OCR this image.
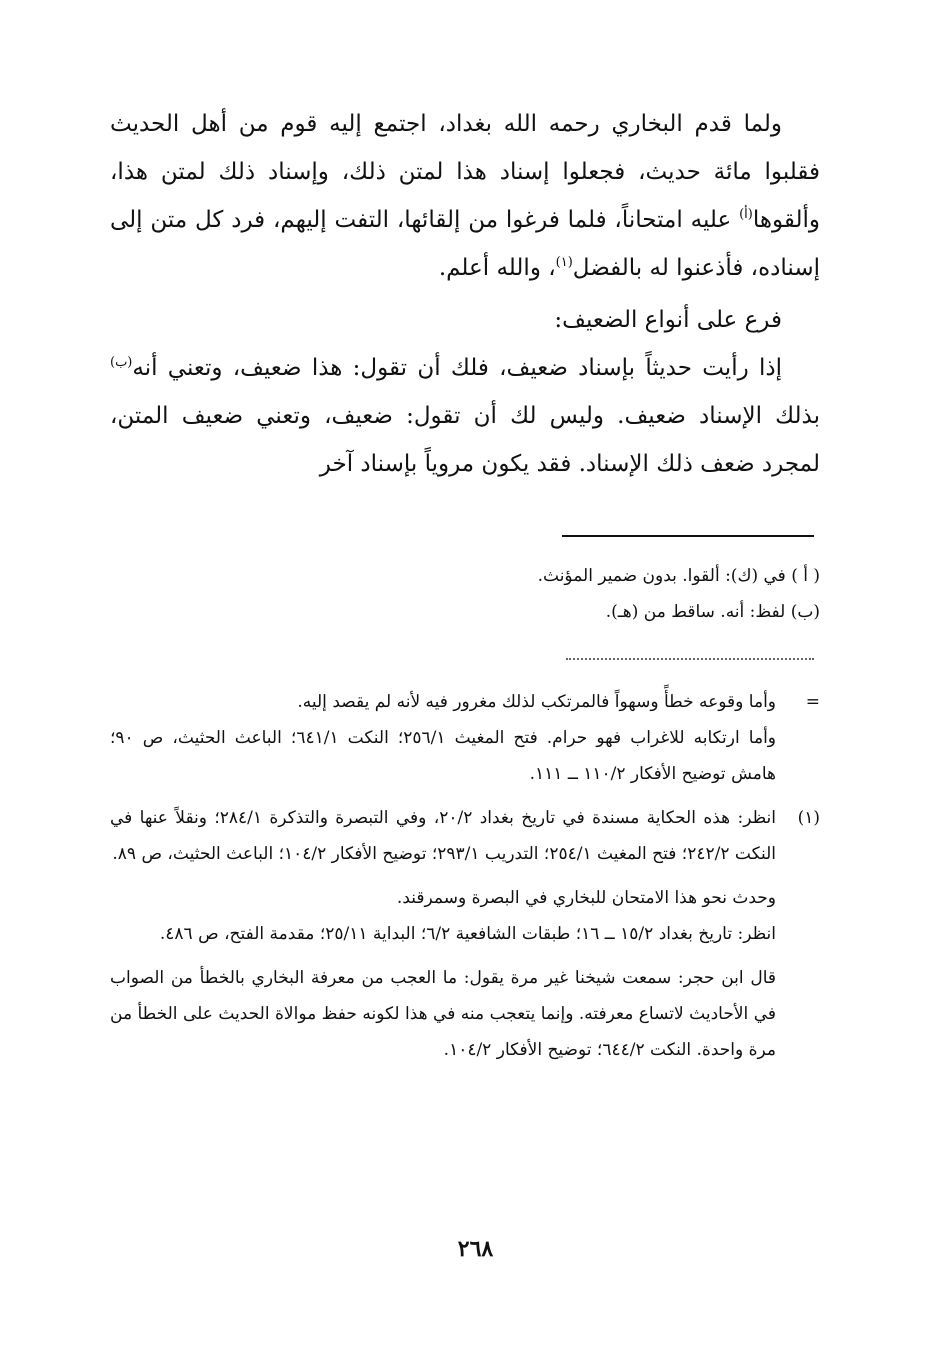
ولما قدم البخاري رحمه الله بغداد، اجتمع إليه قوم من أهل الحديث فقلبوا مائة حديث، فجعلوا إسناد هذا لمتن ذلك، وإسناد ذلك لمتن هذا، وألقوها$^{(أ)}$ عليه امتحاناً، فلما فرغوا من إلقائها، التفت إليهم، فرد كل متن إلى إسناده، فأذعنوا له بالفضل$^{(١)}$، والله أعلم.

فرع على أنواع الضعيف:

إذا رأيت حديثاً بإسناد ضعيف، فلك أن تقول: هذا ضعيف، وتعني أنه$^{(ب)}$ بذلك الإسناد ضعيف. وليس لك أن تقول: ضعيف، وتعني ضعيف المتن، لمجرد ضعف ذلك الإسناد. فقد يكون مروياً بإسناد آخر

( أ ) في (ك): ألقوا. بدون ضمير المؤنث.

(ب) لفظ: أنه. ساقط من (هـ).

=

وأما وقوعه خطأً وسهواً فالمرتكب لذلك مغرور فيه لأنه لم يقصد إليه.

وأما ارتكابه للاغراب فهو حرام. فتح المغيث ٢٥٦/١؛ النكت ٦٤١/١؛ الباعث الحثيث، ص ٩٠؛ هامش توضيح الأفكار ١١٠/٢ ــ ١١١.

(١)

انظر: هذه الحكاية مسندة في تاريخ بغداد ٢٠/٢، وفي التبصرة والتذكرة ٢٨٤/١؛ ونقلاً عنها في النكت ٢٤٢/٢؛ فتح المغيث ٢٥٤/١؛ التدريب ٢٩٣/١؛ توضيح الأفكار ١٠٤/٢؛ الباعث الحثيث، ص ٨٩.

وحدث نحو هذا الامتحان للبخاري في البصرة وسمرقند.

انظر: تاريخ بغداد ١٥/٢ ــ ١٦؛ طبقات الشافعية ٦/٢؛ البداية ٢٥/١١؛ مقدمة الفتح، ص ٤٨٦.

قال ابن حجر: سمعت شيخنا غير مرة يقول: ما العجب من معرفة البخاري بالخطأ من الصواب في الأحاديث لاتساع معرفته. وإنما يتعجب منه في هذا لكونه حفظ موالاة الحديث على الخطأ من مرة واحدة. النكت ٦٤٤/٢؛ توضيح الأفكار ١٠٤/٢.

٢٦٨
